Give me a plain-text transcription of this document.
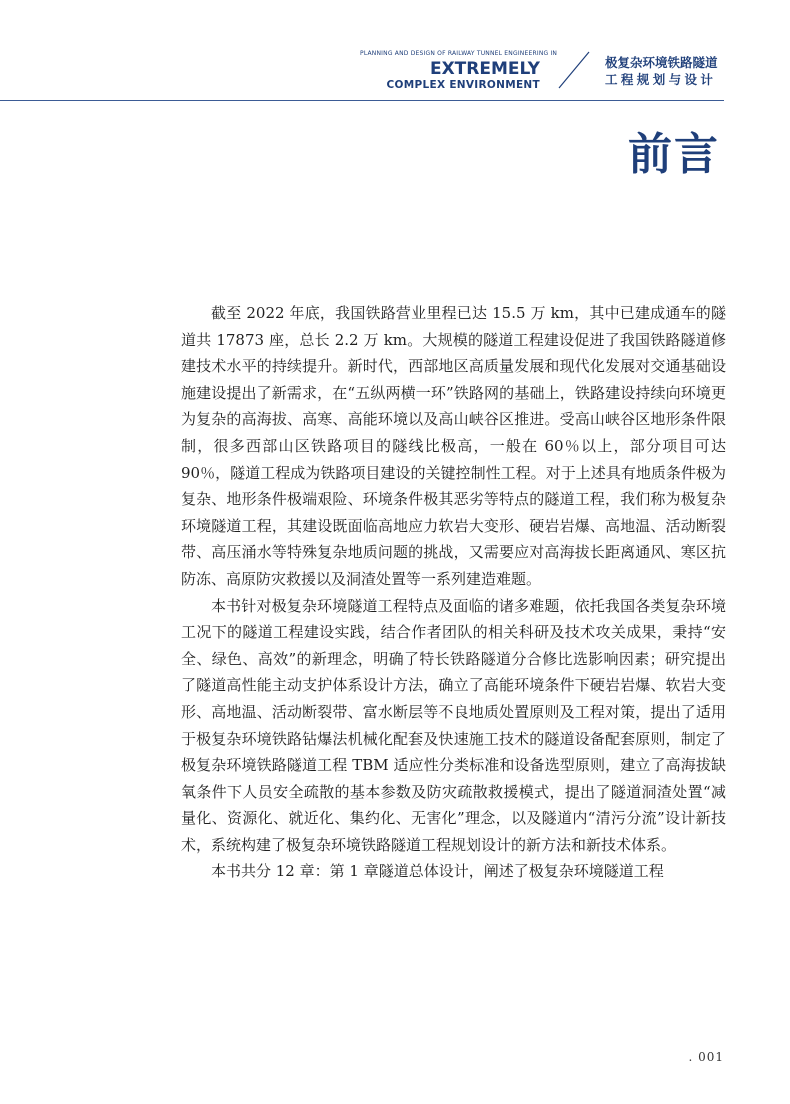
PLANNING AND DESIGN OF RAILWAY TUNNEL ENGINEERING IN
EXTREMELY
COMPLEX ENVIRONMENT
极复杂环境铁路隧道
工程规划与设计
前言

截至 2022 年底，我国铁路营业里程已达 15.5 万 km，其中已建成通车的隧道共 17873 座，总长 2.2 万 km。大规模的隧道工程建设促进了我国铁路隧道修建技术水平的持续提升。新时代，西部地区高质量发展和现代化发展对交通基础设施建设提出了新需求，在“五纵两横一环”铁路网的基础上，铁路建设持续向环境更为复杂的高海拔、高寒、高能环境以及高山峡谷区推进。受高山峡谷区地形条件限制，很多西部山区铁路项目的隧线比极高，一般在 60％以上，部分项目可达 90％，隧道工程成为铁路项目建设的关键控制性工程。对于上述具有地质条件极为复杂、地形条件极端艰险、环境条件极其恶劣等特点的隧道工程，我们称为极复杂环境隧道工程，其建设既面临高地应力软岩大变形、硬岩岩爆、高地温、活动断裂带、高压涌水等特殊复杂地质问题的挑战，又需要应对高海拔长距离通风、寒区抗防冻、高原防灾救援以及洞渣处置等一系列建造难题。

本书针对极复杂环境隧道工程特点及面临的诸多难题，依托我国各类复杂环境工况下的隧道工程建设实践，结合作者团队的相关科研及技术攻关成果，秉持“安全、绿色、高效”的新理念，明确了特长铁路隧道分合修比选影响因素；研究提出了隧道高性能主动支护体系设计方法，确立了高能环境条件下硬岩岩爆、软岩大变形、高地温、活动断裂带、富水断层等不良地质处置原则及工程对策，提出了适用于极复杂环境铁路钻爆法机械化配套及快速施工技术的隧道设备配套原则，制定了极复杂环境铁路隧道工程 TBM 适应性分类标准和设备选型原则，建立了高海拔缺氧条件下人员安全疏散的基本参数及防灾疏散救援模式，提出了隧道洞渣处置“减量化、资源化、就近化、集约化、无害化”理念，以及隧道内“清污分流”设计新技术，系统构建了极复杂环境铁路隧道工程规划设计的新方法和新技术体系。

本书共分 12 章：第 1 章隧道总体设计，阐述了极复杂环境隧道工程

. 001
